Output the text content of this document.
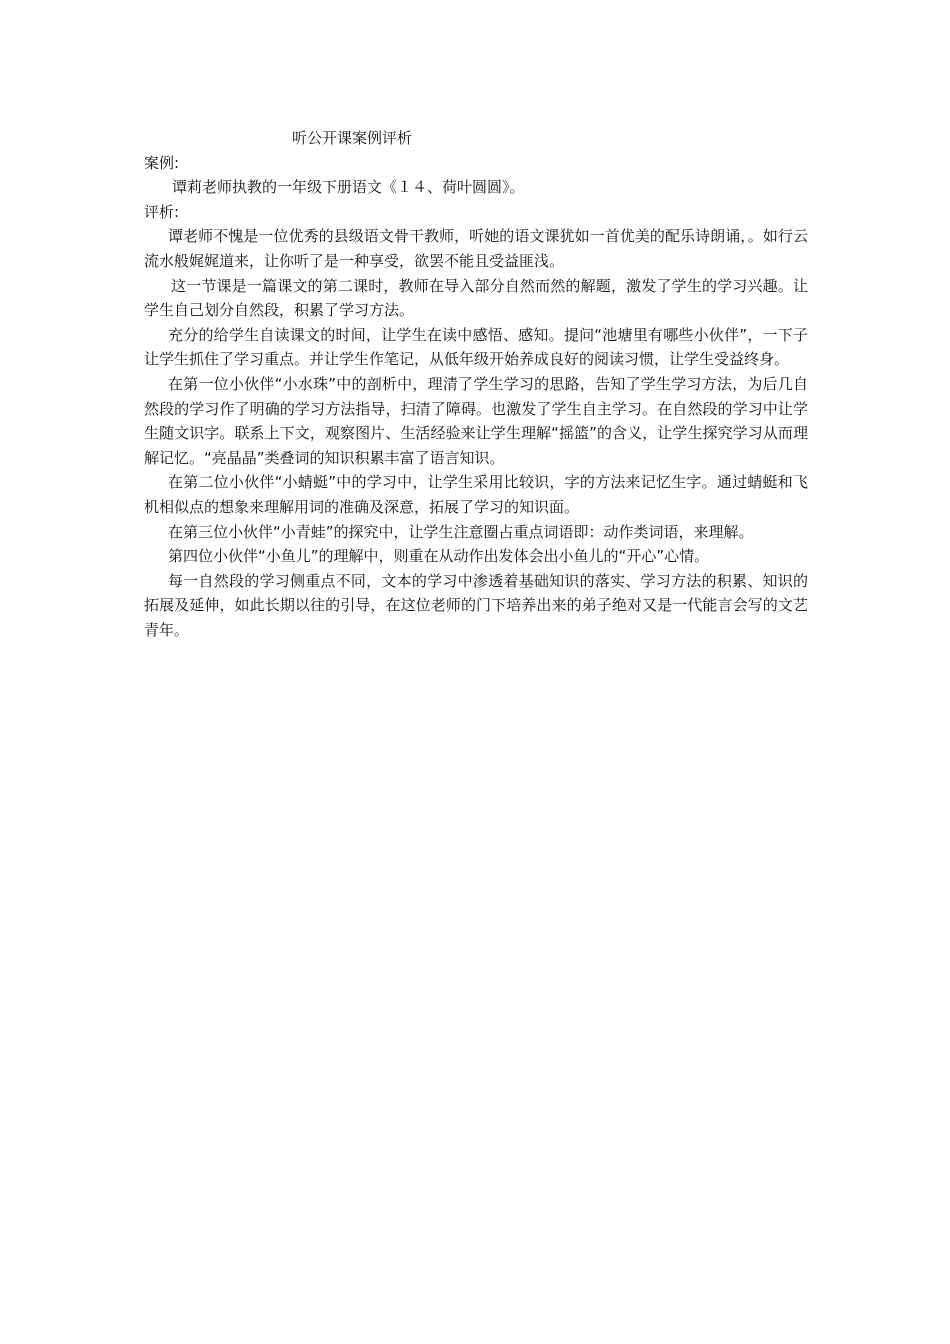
听公开课案例评析

案例:

谭莉老师执教的一年级下册语文《１４、荷叶圆圆》。

评析:

谭老师不愧是一位优秀的县级语文骨干教师，听她的语文课犹如一首优美的配乐诗朗诵，。如行云流水般娓娓道来，让你听了是一种享受，欲罢不能且受益匪浅。

这一节课是一篇课文的第二课时，教师在导入部分自然而然的解题，激发了学生的学习兴趣。让学生自己划分自然段，积累了学习方法。

充分的给学生自读课文的时间，让学生在读中感悟、感知。提问“池塘里有哪些小伙伴”，一下子让学生抓住了学习重点。并让学生作笔记，从低年级开始养成良好的阅读习惯，让学生受益终身。

在第一位小伙伴“小水珠”中的剖析中，理清了学生学习的思路，告知了学生学习方法，为后几自然段的学习作了明确的学习方法指导，扫清了障碍。也激发了学生自主学习。在自然段的学习中让学生随文识字。联系上下文，观察图片、生活经验来让学生理解“摇篮”的含义，让学生探究学习从而理解记忆。“亮晶晶”类叠词的知识积累丰富了语言知识。

在第二位小伙伴“小蜻蜓”中的学习中，让学生采用比较识，字的方法来记忆生字。通过蜻蜓和飞机相似点的想象来理解用词的准确及深意，拓展了学习的知识面。

在第三位小伙伴“小青蛙”的探究中，让学生注意圈占重点词语即：动作类词语，来理解。

第四位小伙伴“小鱼儿”的理解中，则重在从动作出发体会出小鱼儿的“开心”心情。

每一自然段的学习侧重点不同，文本的学习中渗透着基础知识的落实、学习方法的积累、知识的拓展及延伸，如此长期以往的引导，在这位老师的门下培养出来的弟子绝对又是一代能言会写的文艺青年。
